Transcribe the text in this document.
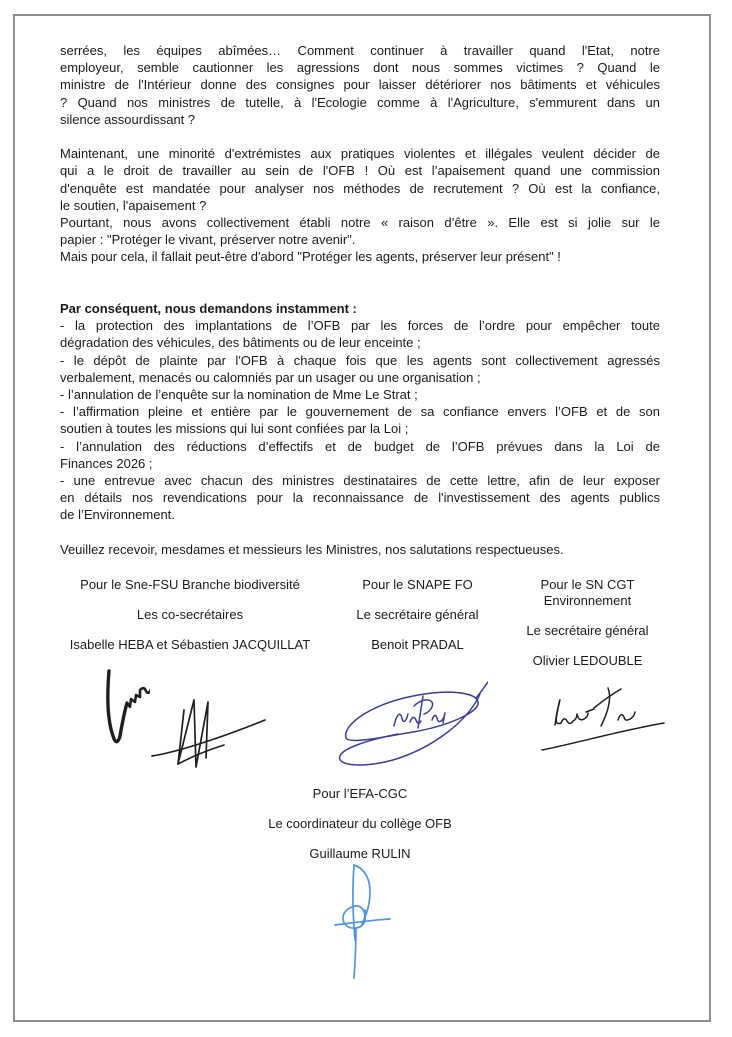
serrées, les équipes abîmées… Comment continuer à travailler quand l'Etat, notre
employeur, semble cautionner les agressions dont nous sommes victimes ? Quand le
ministre de l'Intérieur donne des consignes pour laisser détériorer nos bâtiments et véhicules
? Quand nos ministres de tutelle, à l'Ecologie comme à l'Agriculture, s'emmurent dans un
silence assourdissant ?

Maintenant, une minorité d'extrémistes aux pratiques violentes et illégales veulent décider de
qui a le droit de travailler au sein de l'OFB ! Où est l’apaisement quand une commission
d'enquête est mandatée pour analyser nos méthodes de recrutement ? Où est la confiance,
le soutien, l'apaisement ?
Pourtant, nous avons collectivement établi notre « raison d’être ». Elle est si jolie sur le
papier : "Protéger le vivant, préserver notre avenir".
Mais pour cela, il fallait peut-être d'abord "Protéger les agents, préserver leur présent" !

Par conséquent, nous demandons instamment :
- la protection des implantations de l’OFB par les forces de l’ordre pour empêcher toute
dégradation des véhicules, des bâtiments ou de leur enceinte ;
- le dépôt de plainte par l'OFB à chaque fois que les agents sont collectivement agressés
verbalement, menacés ou calomniés par un usager ou une organisation ;
- l’annulation de l’enquête sur la nomination de Mme Le Strat ;
- l’affirmation pleine et entière par le gouvernement de sa confiance envers l’OFB et de son
soutien à toutes les missions qui lui sont confiées par la Loi ;
- l’annulation des réductions d’effectifs et de budget de l’OFB prévues dans la Loi de
Finances 2026 ;
- une entrevue avec chacun des ministres destinataires de cette lettre, afin de leur exposer
en détails nos revendications pour la reconnaissance de l'investissement des agents publics
de l’Environnement.

Veuillez recevoir, mesdames et messieurs les Ministres, nos salutations respectueuses.
Pour le Sne-FSU Branche biodiversité
Les co-secrétaires
Isabelle HEBA et Sébastien JACQUILLAT
Pour le SNAPE FO
Le secrétaire général
Benoit PRADAL
Pour le SN CGT Environnement
Le secrétaire général
Olivier LEDOUBLE
Pour l’EFA-CGC
Le coordinateur du collège OFB
Guillaume RULIN
